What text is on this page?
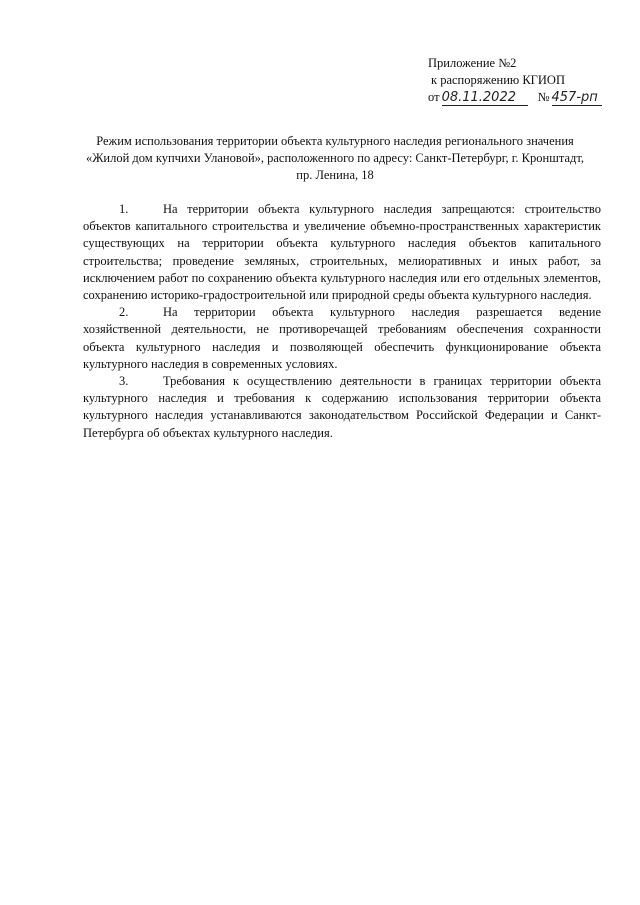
Приложение №2
к распоряжению КГИОП
от 08.11.2022 № 457-рп
Режим использования территории объекта культурного наследия регионального значения
«Жилой дом купчихи Улановой», расположенного по адресу: Санкт-Петербург, г. Кронштадт,
пр. Ленина, 18

1.	На территории объекта культурного наследия запрещаются: строительство объектов капитального строительства и увеличение объемно-пространственных характеристик существующих на территории объекта культурного наследия объектов капитального строительства; проведение земляных, строительных, мелиоративных и иных работ, за исключением работ по сохранению объекта культурного наследия или его отдельных элементов, сохранению историко-градостроительной или природной среды объекта культурного наследия.

2.	На территории объекта культурного наследия разрешается ведение хозяйственной деятельности, не противоречащей требованиям обеспечения сохранности объекта культурного наследия и позволяющей обеспечить функционирование объекта культурного наследия в современных условиях.

3.	Требования к осуществлению деятельности в границах территории объекта культурного наследия и требования к содержанию использования территории объекта культурного наследия устанавливаются законодательством Российской Федерации и Санкт-Петербурга об объектах культурного наследия.
